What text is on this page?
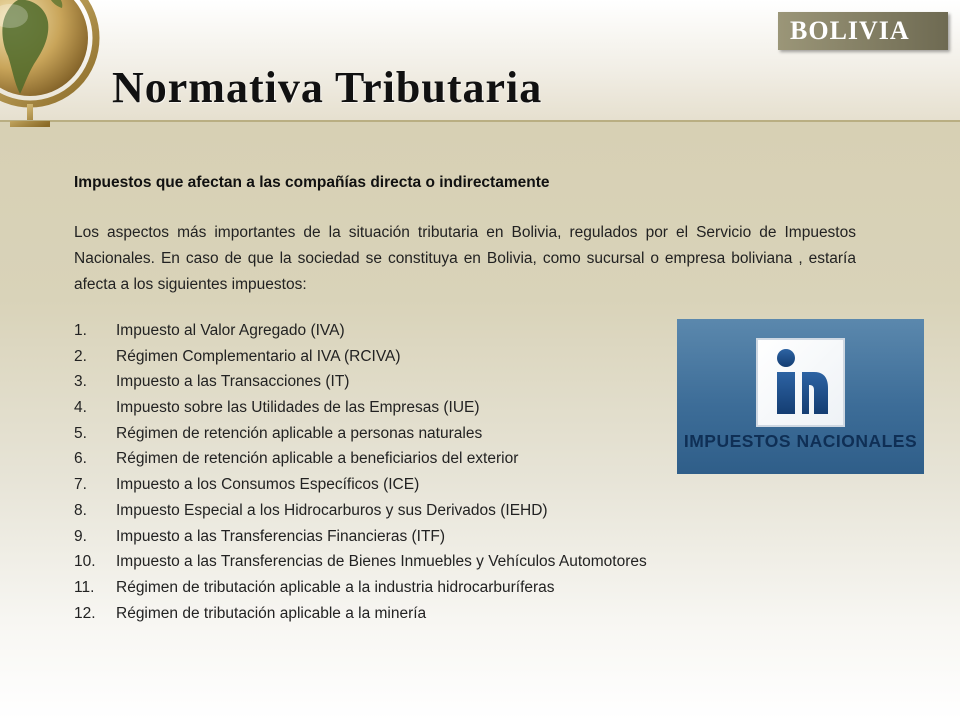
BOLIVIA
Normativa Tributaria
Impuestos que afectan a las compañías directa o indirectamente
Los aspectos más importantes de la situación tributaria en Bolivia, regulados por el Servicio de Impuestos Nacionales. En caso de que la sociedad se constituya en Bolivia, como sucursal o empresa boliviana , estaría afecta a los siguientes impuestos:
1.	Impuesto al Valor Agregado (IVA)
2.	Régimen Complementario al IVA (RCIVA)
3.	Impuesto a las Transacciones (IT)
4.	Impuesto sobre las Utilidades de las Empresas (IUE)
5.	Régimen de retención aplicable a personas naturales
6.	Régimen de retención aplicable a beneficiarios del exterior
7.	Impuesto a los Consumos Específicos (ICE)
8.	Impuesto Especial a los Hidrocarburos y sus Derivados (IEHD)
9.	Impuesto a las Transferencias Financieras (ITF)
10.	Impuesto a las Transferencias de Bienes Inmuebles y Vehículos Automotores
11.	Régimen de tributación aplicable a la industria hidrocarburíferas
12.	Régimen de tributación aplicable a la minería
IMPUESTOS NACIONALES
